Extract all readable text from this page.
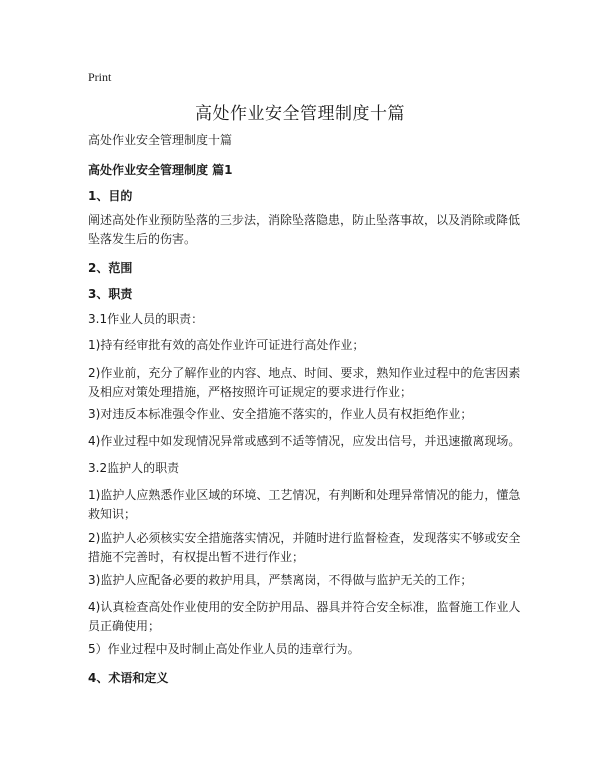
Print
高处作业安全管理制度十篇

高处作业安全管理制度十篇

高处作业安全管理制度 篇1

1、目的

阐述高处作业预防坠落的三步法，消除坠落隐患，防止坠落事故，以及消除或降低坠落发生后的伤害。

2、范围

3、职责

3.1作业人员的职责：

1)持有经审批有效的高处作业许可证进行高处作业；

2)作业前，充分了解作业的内容、地点、时间、要求，熟知作业过程中的危害因素及相应对策处理措施，严格按照许可证规定的要求进行作业；

3)对违反本标准强令作业、安全措施不落实的，作业人员有权拒绝作业；

4)作业过程中如发现情况异常或感到不适等情况，应发出信号，并迅速撤离现场。

3.2监护人的职责

1)监护人应熟悉作业区域的环境、工艺情况，有判断和处理异常情况的能力，懂急救知识；

2)监护人必须核实安全措施落实情况，并随时进行监督检查，发现落实不够或安全措施不完善时，有权提出暂不进行作业；

3)监护人应配备必要的救护用具，严禁离岗，不得做与监护无关的工作；

4)认真检查高处作业使用的安全防护用品、器具并符合安全标准，监督施工作业人员正确使用；

5）作业过程中及时制止高处作业人员的违章行为。

4、术语和定义
